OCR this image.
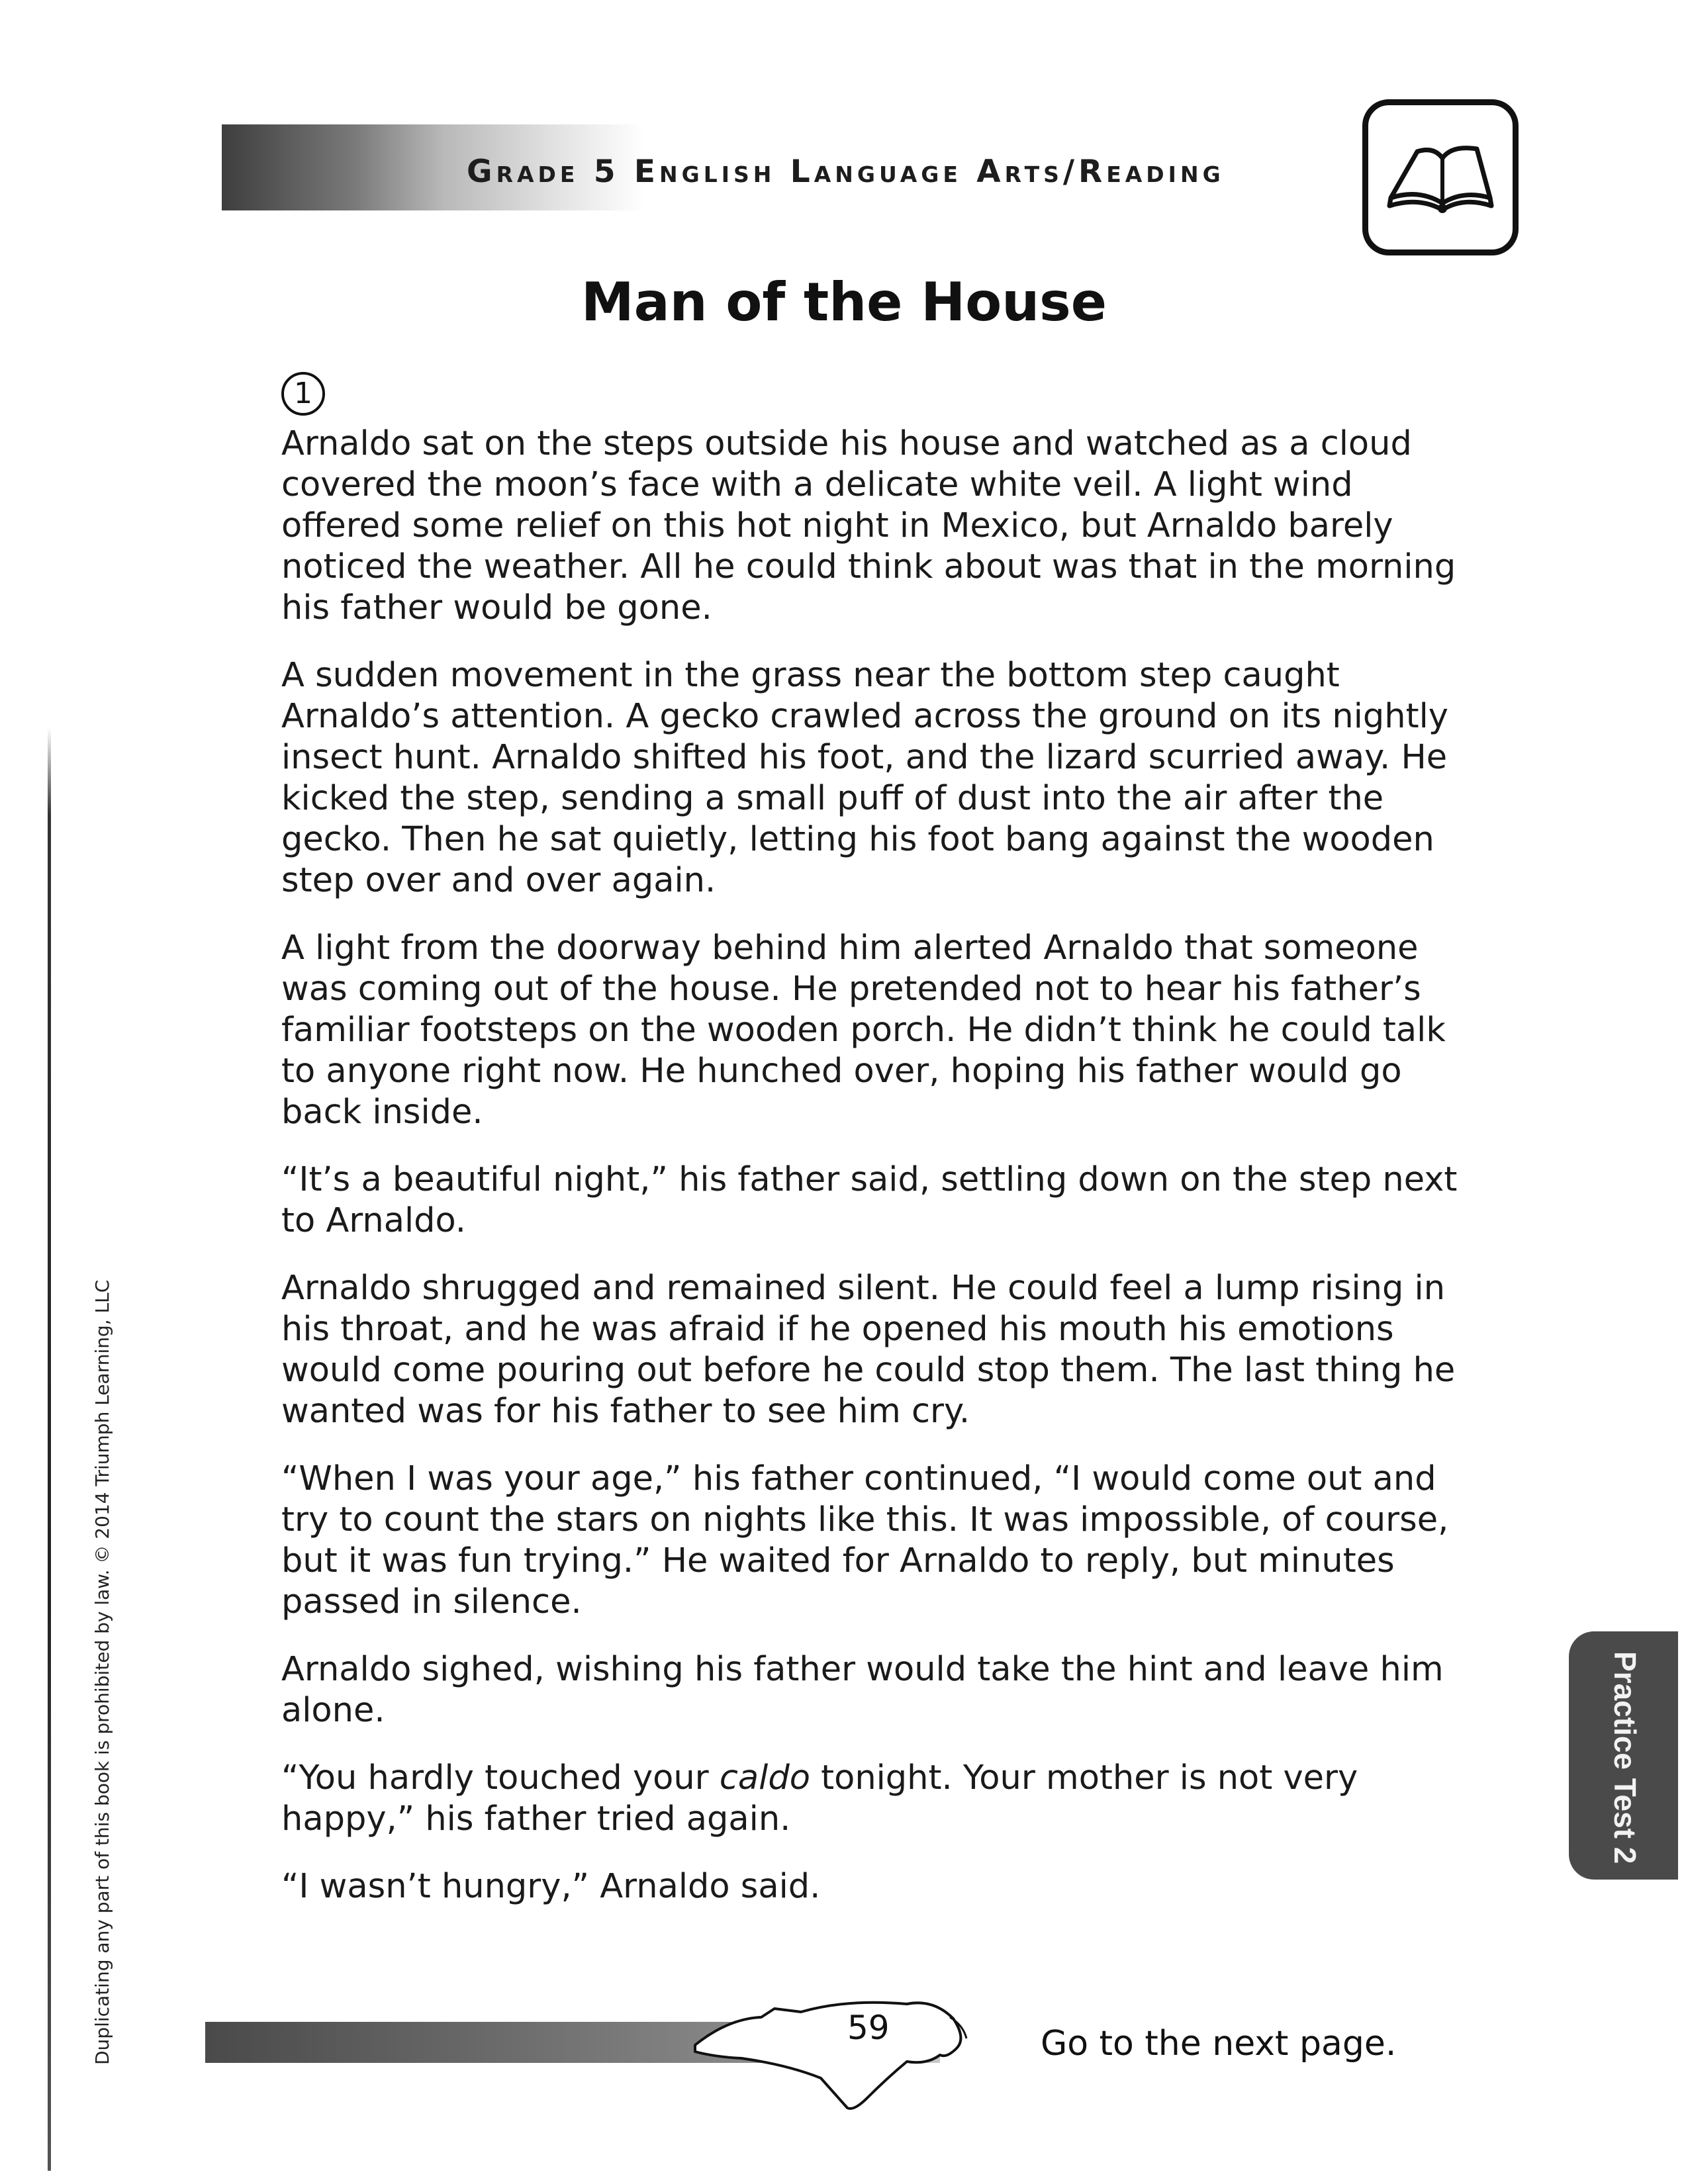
Grade 5 English Language Arts/Reading
Man of the House
1

Arnaldo sat on the steps outside his house and watched as a cloud covered the moon’s face with a delicate white veil. A light wind offered some relief on this hot night in Mexico, but Arnaldo barely noticed the weather. All he could think about was that in the morning his father would be gone.

A sudden movement in the grass near the bottom step caught Arnaldo’s attention. A gecko crawled across the ground on its nightly insect hunt. Arnaldo shifted his foot, and the lizard scurried away. He kicked the step, sending a small puff of dust into the air after the gecko. Then he sat quietly, letting his foot bang against the wooden step over and over again.

A light from the doorway behind him alerted Arnaldo that someone was coming out of the house. He pretended not to hear his father’s familiar footsteps on the wooden porch. He didn’t think he could talk to anyone right now. He hunched over, hoping his father would go back inside.

“It’s a beautiful night,” his father said, settling down on the step next to Arnaldo.

Arnaldo shrugged and remained silent. He could feel a lump rising in his throat, and he was afraid if he opened his mouth his emotions would come pouring out before he could stop them. The last thing he wanted was for his father to see him cry.

“When I was your age,” his father continued, “I would come out and try to count the stars on nights like this. It was impossible, of course, but it was fun trying.” He waited for Arnaldo to reply, but minutes passed in silence.

Arnaldo sighed, wishing his father would take the hint and leave him alone.

“You hardly touched your caldo tonight. Your mother is not very happy,” his father tried again.

“I wasn’t hungry,” Arnaldo said.

Duplicating any part of this book is prohibited by law. © 2014 Triumph Learning, LLC	Practice Test 2
59	Go to the next page.
